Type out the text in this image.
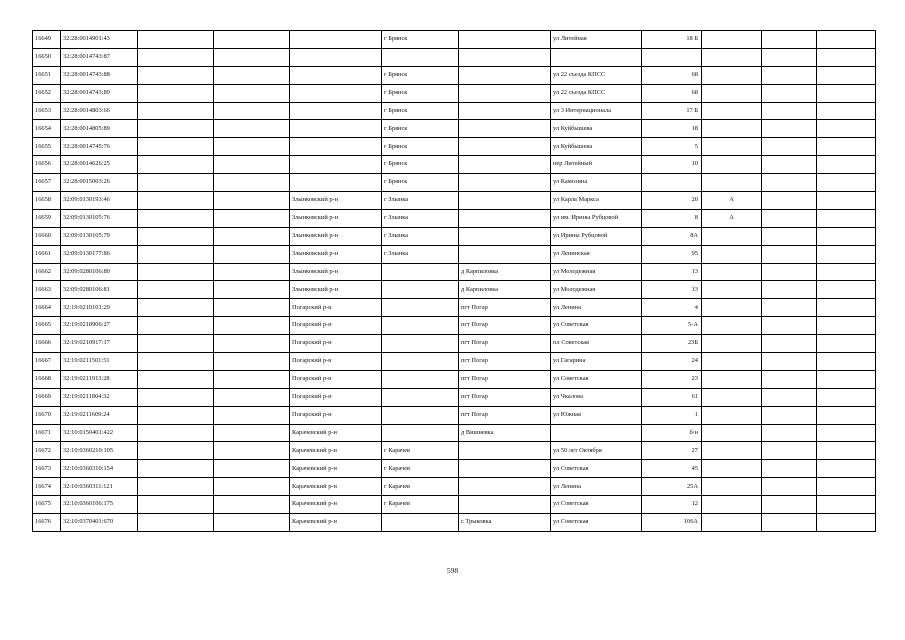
16649	32:28:0014901:43				г Брянск		ул Литейная	18 Б			
16650	32:28:0014743:87										
16651	32:28:0014743:88				г Брянск		ул 22 съезда КПСС	68			
16652	32:28:0014743:89				г Брянск		ул 22 съезда КПСС	68			
16653	32:28:0014803:66				г Брянск		ул 3 Интернационала	17 Б			
16654	32:28:0014805:89				г Брянск		ул Куйбышева	18			
16655	32:28:0014745:76				г Брянск		ул Куйбышева	5			
16656	32:28:0014626:25				г Брянск		пер Литейный	10			
16657	32:28:0015003:26				г Брянск		ул Камозина				
16658	32:09:0130193:46			Злынковский р-н	г Злынка		ул Карла Маркса	20	А		
16659	32:09:0130105:76			Злынковский р-н	г Злынка		ул им. Ирины Рубцовой	8	А		
16660	32:09:0130105:79			Злынковский р-н	г Злынка		ул Ирины Рубцовой	8А			
16661	32:09:0130177:86			Злынковский р-н	г Злынка		ул Ленинская	95			
16662	32:09:0280106:80			Злынковский р-н		д Карпиловка	ул Молодежная	13			
16663	32:09:0280106:81			Злынковский р-н		д Карпиловка	ул Молодежная	13			
16664	32:19:0210101:29			Погарский р-н		пгт Погар	ул Ленина	4			
16665	32:19:0210906:27			Погарский р-н		пгт Погар	ул Советская	5-А			
16666	32:19:0210917:17			Погарский р-н		пгт Погар	пл Советская	23Б			
16667	32:19:0211501:51			Погарский р-н		пгт Погар	ул Гагарина	24			
16668	32:19:0211913:28			Погарский р-н		пгт Погар	ул Советская	23			
16669	32:19:0211804:32			Погарский р-н		пгт Погар	ул Чкалова	61			
16670	32:19:0211609:24			Погарский р-н		пгт Погар	ул Южная	1			
16671	32:10:0150401:422			Карачевский р-н		д Вишневка		б/н			
16672	32:10:0360210:105			Карачевский р-н	г Карачев		ул 50 лет Октября	27			
16673	32:10:0360310:154			Карачевский р-н	г Карачев		ул Советская	45			
16674	32:10:0360311:121			Карачевский р-н	г Карачев		ул Ленина	25А			
16675	32:10:0360106:175			Карачевский р-н	г Карачев		ул Советская	12			
16676	32:10:0370401:670			Карачевский р-н		с Трыковка	ул Советская	106А			
598
